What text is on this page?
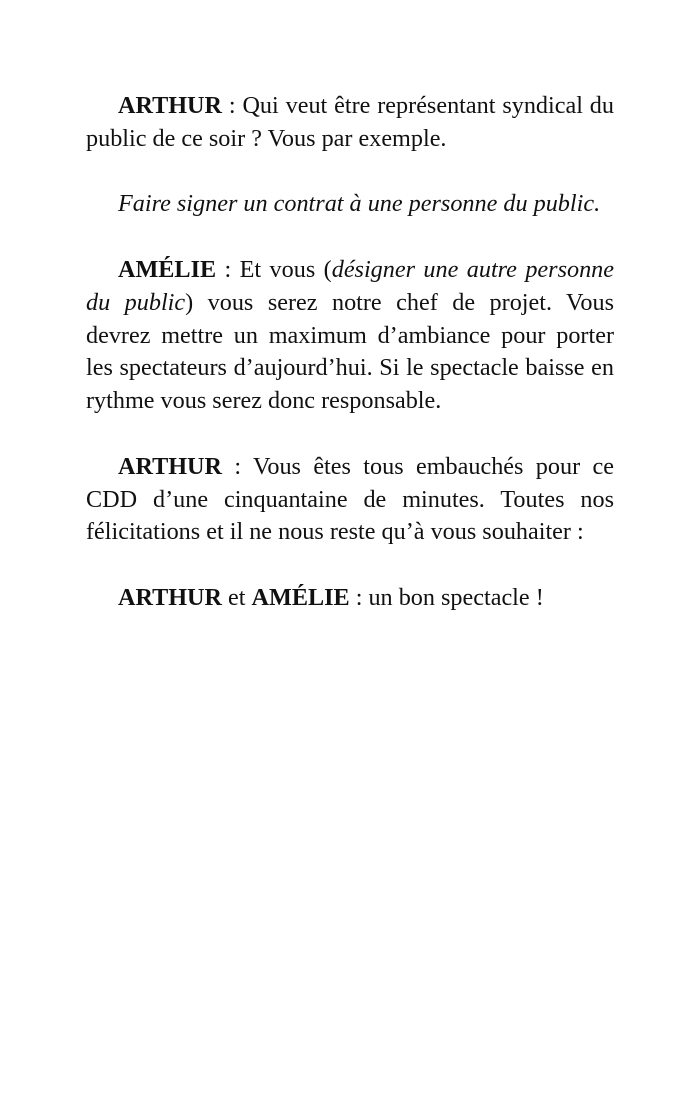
ARTHUR : Qui veut être représentant syndical du public de ce soir ? Vous par exemple.

Faire signer un contrat à une personne du public.

AMÉLIE : Et vous (désigner une autre personne du public) vous serez notre chef de projet. Vous devrez mettre un maximum d’ambiance pour porter les spectateurs d’aujourd’hui. Si le spectacle baisse en rythme vous serez donc responsable.

ARTHUR : Vous êtes tous embauchés pour ce CDD d’une cinquantaine de minutes. Toutes nos félicitations et il ne nous reste qu’à vous souhaiter :

ARTHUR et AMÉLIE : un bon spectacle !
